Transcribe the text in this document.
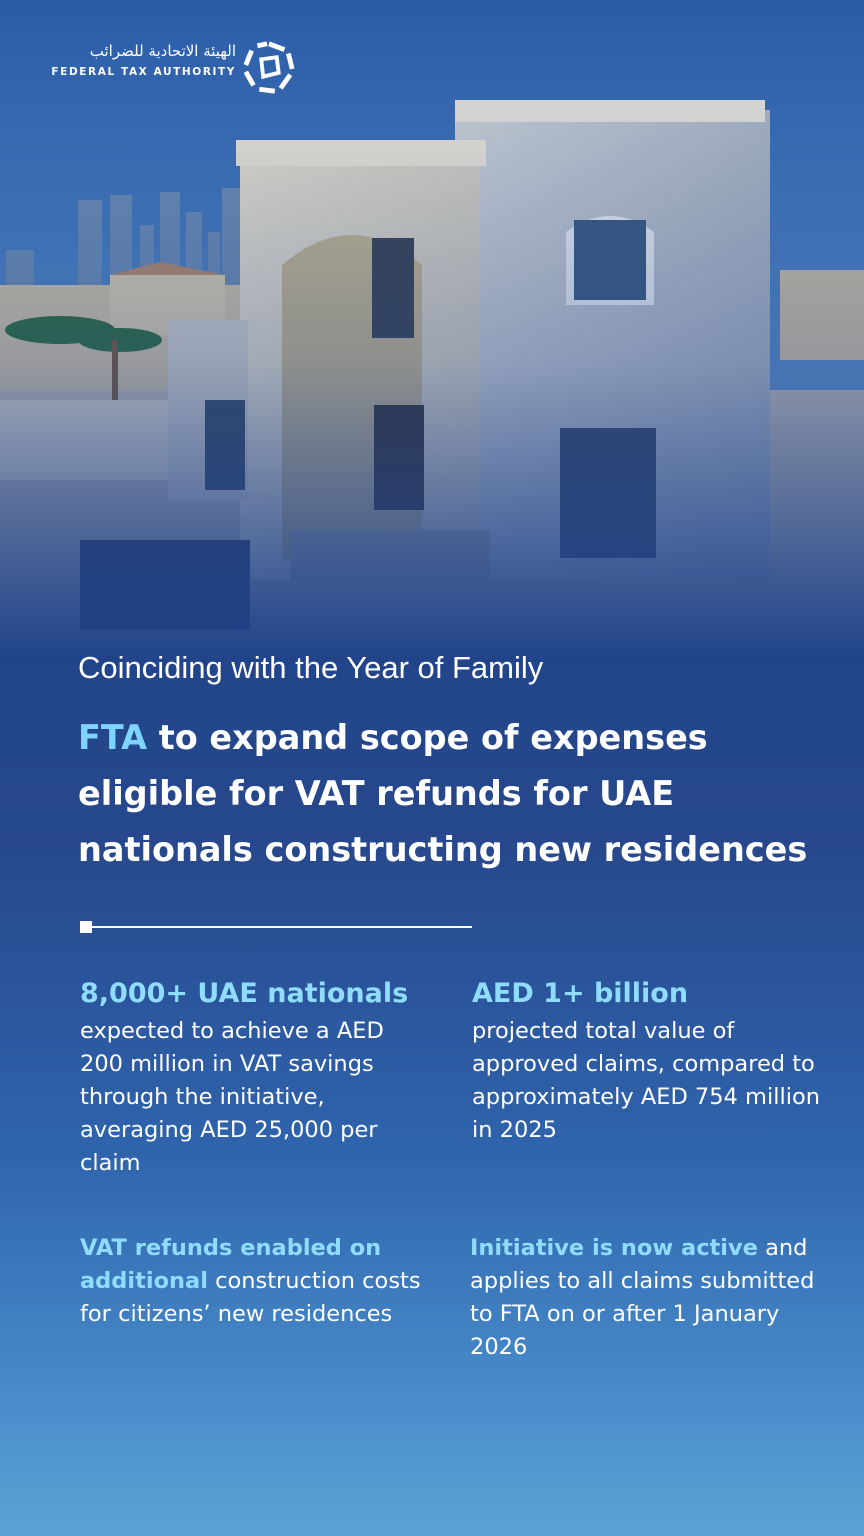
الهيئة الاتحادية للضرائب
FEDERAL TAX AUTHORITY
Coinciding with the Year of Family
FTA to expand scope of expenses eligible for VAT refunds for UAE nationals constructing new residences

8,000+ UAE nationals

expected to achieve a AED 200 million in VAT savings through the initiative, averaging AED 25,000 per claim

AED 1+ billion

projected total value of approved claims, compared to approximately AED 754 million in 2025

VAT refunds enabled on additional construction costs for citizens’ new residences

Initiative is now active and applies to all claims submitted to FTA on or after 1 January 2026
